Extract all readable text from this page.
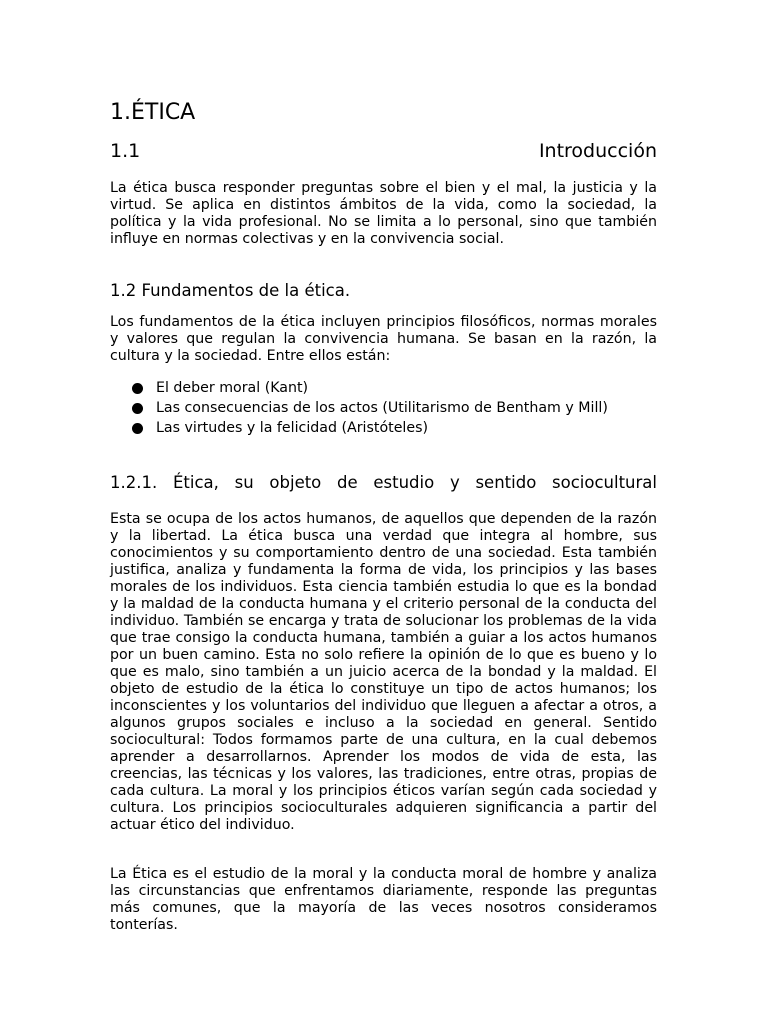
1.ÉTICA
1.1	Introducción

La ética busca responder preguntas sobre el bien y el mal, la justicia y la virtud. Se aplica en distintos ámbitos de la vida, como la sociedad, la política y la vida profesional. No se limita a lo personal, sino que también influye en normas colectivas y en la convivencia social.

1.2 Fundamentos de la ética.

Los fundamentos de la ética incluyen principios filosóficos, normas morales y valores que regulan la convivencia humana. Se basan en la razón, la cultura y la sociedad. Entre ellos están:

El deber moral (Kant)
Las consecuencias de los actos (Utilitarismo de Bentham y Mill)
Las virtudes y la felicidad (Aristóteles)
1.2.1. Ética, su objeto de estudio y sentido sociocultural

Esta se ocupa de los actos humanos, de aquellos que dependen de la razón y la libertad. La ética busca una verdad que integra al hombre, sus conocimientos y su comportamiento dentro de una sociedad. Esta también justifica, analiza y fundamenta la forma de vida, los principios y las bases morales de los individuos. Esta ciencia también estudia lo que es la bondad y la maldad de la conducta humana y el criterio personal de la conducta del individuo. También se encarga y trata de solucionar los problemas de la vida que trae consigo la conducta humana, también a guiar a los actos humanos por un buen camino. Esta no solo refiere la opinión de lo que es bueno y lo que es malo, sino también a un juicio acerca de la bondad y la maldad. El objeto de estudio de la ética lo constituye un tipo de actos humanos; los inconscientes y los voluntarios del individuo que lleguen a afectar a otros, a algunos grupos sociales e incluso a la sociedad en general. Sentido sociocultural: Todos formamos parte de una cultura, en la cual debemos aprender a desarrollarnos. Aprender los modos de vida de esta, las creencias, las técnicas y los valores, las tradiciones, entre otras, propias de cada cultura. La moral y los principios éticos varían según cada sociedad y cultura. Los principios socioculturales adquieren significancia a partir del actuar ético del individuo.

La Ética es el estudio de la moral y la conducta moral de hombre y analiza las circunstancias que enfrentamos diariamente, responde las preguntas más comunes, que la mayoría de las veces nosotros consideramos tonterías.
